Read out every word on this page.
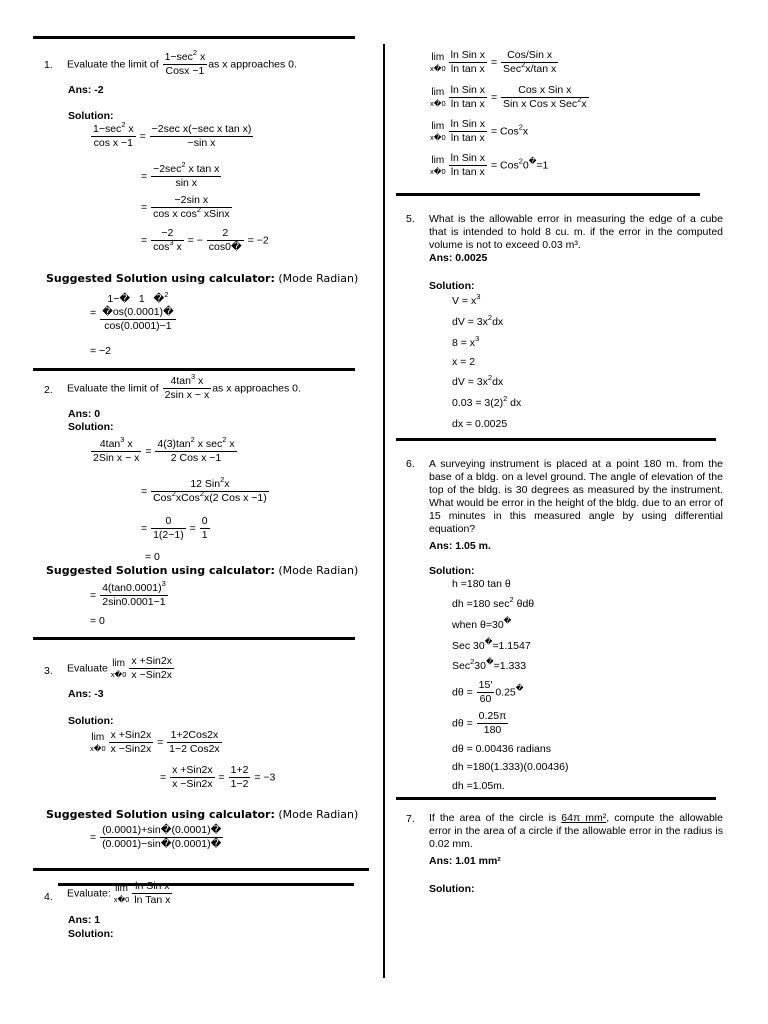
1. Evaluate the limit of $\frac{1-\sec^2 x}{\text{Cosx −1}}$ as x approaches 0.
Ans: -2
Solution:
$\frac{1-\sec^2 x}{\text{cos x −1}} = \frac{\text{−2sec x(−sec x tan x)}}{\text{−sin x}}$
= $\frac{-2\sec^2 x \tan x}{\text{sin x}}$
= $\frac{\text{−2sin x}}{\cos x \cos^2 xSinx}$
= $\frac{-2}{\cos^3 x}$ = − $\frac{2}{\cos 0�} = -2$
Suggested Solution using calculator: (Mode Radian)
=
1−�   1   �$^2$
�os(0.0001)�
cos(0.0001)−1
= −2
2. Evaluate the limit of $\frac{4\tan^3 x}{\text{2sin x − x}}$ as x approaches 0.
Ans: 0
Solution:
$\frac{4\tan^3 x}{\text{2Sin x − x}} = \frac{4(3)\tan^2 x \sec^2 x}{\text{2 Cos x −1}}$
= $\frac{12 Sin^2x}{Cos^2xCos^2x(2 Cos x -1)}$
= $\frac{0}{1(2-1)} = \frac{0}{1}$
= 0
Suggested Solution using calculator: (Mode Radian)
= $\frac{4(\tan 0.0001)^3}{2\sin 0.0001-1}$
= 0
3. Evaluate lim
x�0 $\frac{\text{x +Sin2x}}{\text{x −Sin2x}}$
Ans: -3
Solution:
lim
x�0 $\frac{\text{x +Sin2x}}{\text{x −Sin2x}} = \frac{\text{1+2Cos2x}}{\text{1−2 Cos2x}}$
= $\frac{\text{x +Sin2x}}{\text{x −Sin2x}} = \frac{1+2}{1-2} = -3$
Suggested Solution using calculator: (Mode Radian)
= $\frac{(0.0001)+\sin�(0.0001)�}{(0.0001)-\sin�(0.0001)�}$
4. Evaluate: lim
x�0 $\frac{\text{ln Sin x}}{\text{ln Tan x}}$
Ans: 1
Solution:
lim
x�0 $\frac{\text{ln Sin x}}{\text{ln tan x}} = \frac{\text{Cos/Sin x}}{Sec^2x/\tan x}$
lim
x�0 $\frac{\text{ln Sin x}}{\text{ln tan x}} = \frac{\text{Cos x Sin x}}{Sin x Cos x Sec^2x}$
lim
x�0 $\frac{\text{ln Sin x}}{\text{ln tan x}} = Cos^2x$
lim
x�0 $\frac{\text{ln Sin x}}{\text{ln tan x}} = Cos^20^�=1$
5. What is the allowable error in measuring the edge of a cube that is intended to hold 8 cu. m. if the error in the computed volume is not to exceed 0.03 m³.
Ans: 0.0025
Solution:
$V = x^3$
dV = $3x^2dx$
$8 = x^3$
x = 2
dV = $3x^2dx$
$0.03 = 3(2)^2$ dx
dx = 0.0025
6. A surveying instrument is placed at a point 180 m. from the base of a bldg. on a level ground. The angle of elevation of the top of the bldg. is 30 degrees as measured by the instrument. What would be error in the height of the bldg. due to an error of 15 minutes in this measured angle by using differential equation?
Ans: 1.05 m.
Solution:
h =180 tan θ
dh =180 $\sec^2 \theta d\theta$
when θ=30�
Sec 30�=1.1547
Sec$^2$30�=1.333
$d\theta = \frac{15'}{60} 0.25^�$
$d\theta = \frac{0.25\pi}{180}$
dθ = 0.00436 radians
dh =180(1.333)(0.00436)
dh =1.05m.
7. If the area of the circle is 64π mm², compute the allowable error in the area of a circle if the allowable error in the radius is 0.02 mm.
Ans: 1.01 mm²
Solution:
